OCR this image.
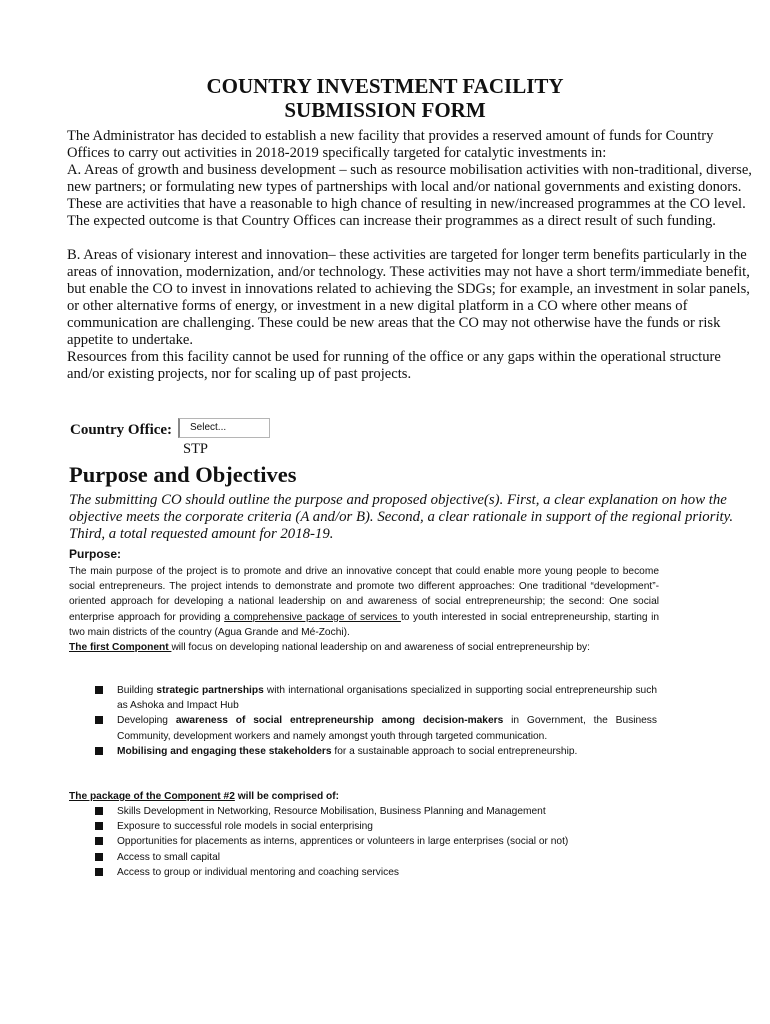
COUNTRY INVESTMENT FACILITY
SUBMISSION FORM

The Administrator has decided to establish a new facility that provides a reserved amount of funds for Country Offices to carry out activities in 2018-2019 specifically targeted for catalytic investments in:

A. Areas of growth and business development – such as resource mobilisation activities with non-traditional, diverse, new partners; or formulating new types of partnerships with local and/or national governments and existing donors. These are activities that have a reasonable to high chance of resulting in new/increased programmes at the CO level. The expected outcome is that Country Offices can increase their programmes as a direct result of such funding.

B. Areas of visionary interest and innovation– these activities are targeted for longer term benefits particularly in the areas of innovation, modernization, and/or technology. These activities may not have a short term/immediate benefit, but enable the CO to invest in innovations related to achieving the SDGs; for example, an investment in solar panels, or other alternative forms of energy, or investment in a new digital platform in a CO where other means of communication are challenging. These could be new areas that the CO may not otherwise have the funds or risk appetite to undertake.

Resources from this facility cannot be used for running of the office or any gaps within the operational structure and/or existing projects, nor for scaling up of past projects.

Country Office:	Select...
STP
Purpose and Objectives
The submitting CO should outline the purpose and proposed objective(s). First, a clear explanation on how the objective meets the corporate criteria (A and/or B). Second, a clear rationale in support of the regional priority. Third, a total requested amount for 2018-19.
Purpose:
The main purpose of the project is to promote and drive an innovative concept that could enable more young people to become social entrepreneurs. The project intends to demonstrate and promote two different approaches: One traditional “development”-oriented approach for developing a national leadership on and awareness of social entrepreneurship; the second: One social enterprise approach for providing a comprehensive package of services to youth interested in social entrepreneurship, starting in two main districts of the country (Agua Grande and Mé-Zochi).
The first Component will focus on developing national leadership on and awareness of social entrepreneurship by:
Building strategic partnerships with international organisations specialized in supporting social entrepreneurship such as Ashoka and Impact Hub
Developing awareness of social entrepreneurship among decision-makers in Government, the Business Community, development workers and namely amongst youth through targeted communication.
Mobilising and engaging these stakeholders for a sustainable approach to social entrepreneurship.
The package of the Component #2 will be comprised of:
Skills Development in Networking, Resource Mobilisation, Business Planning and Management
Exposure to successful role models in social enterprising
Opportunities for placements as interns, apprentices or volunteers in large enterprises (social or not)
Access to small capital
Access to group or individual mentoring and coaching services
